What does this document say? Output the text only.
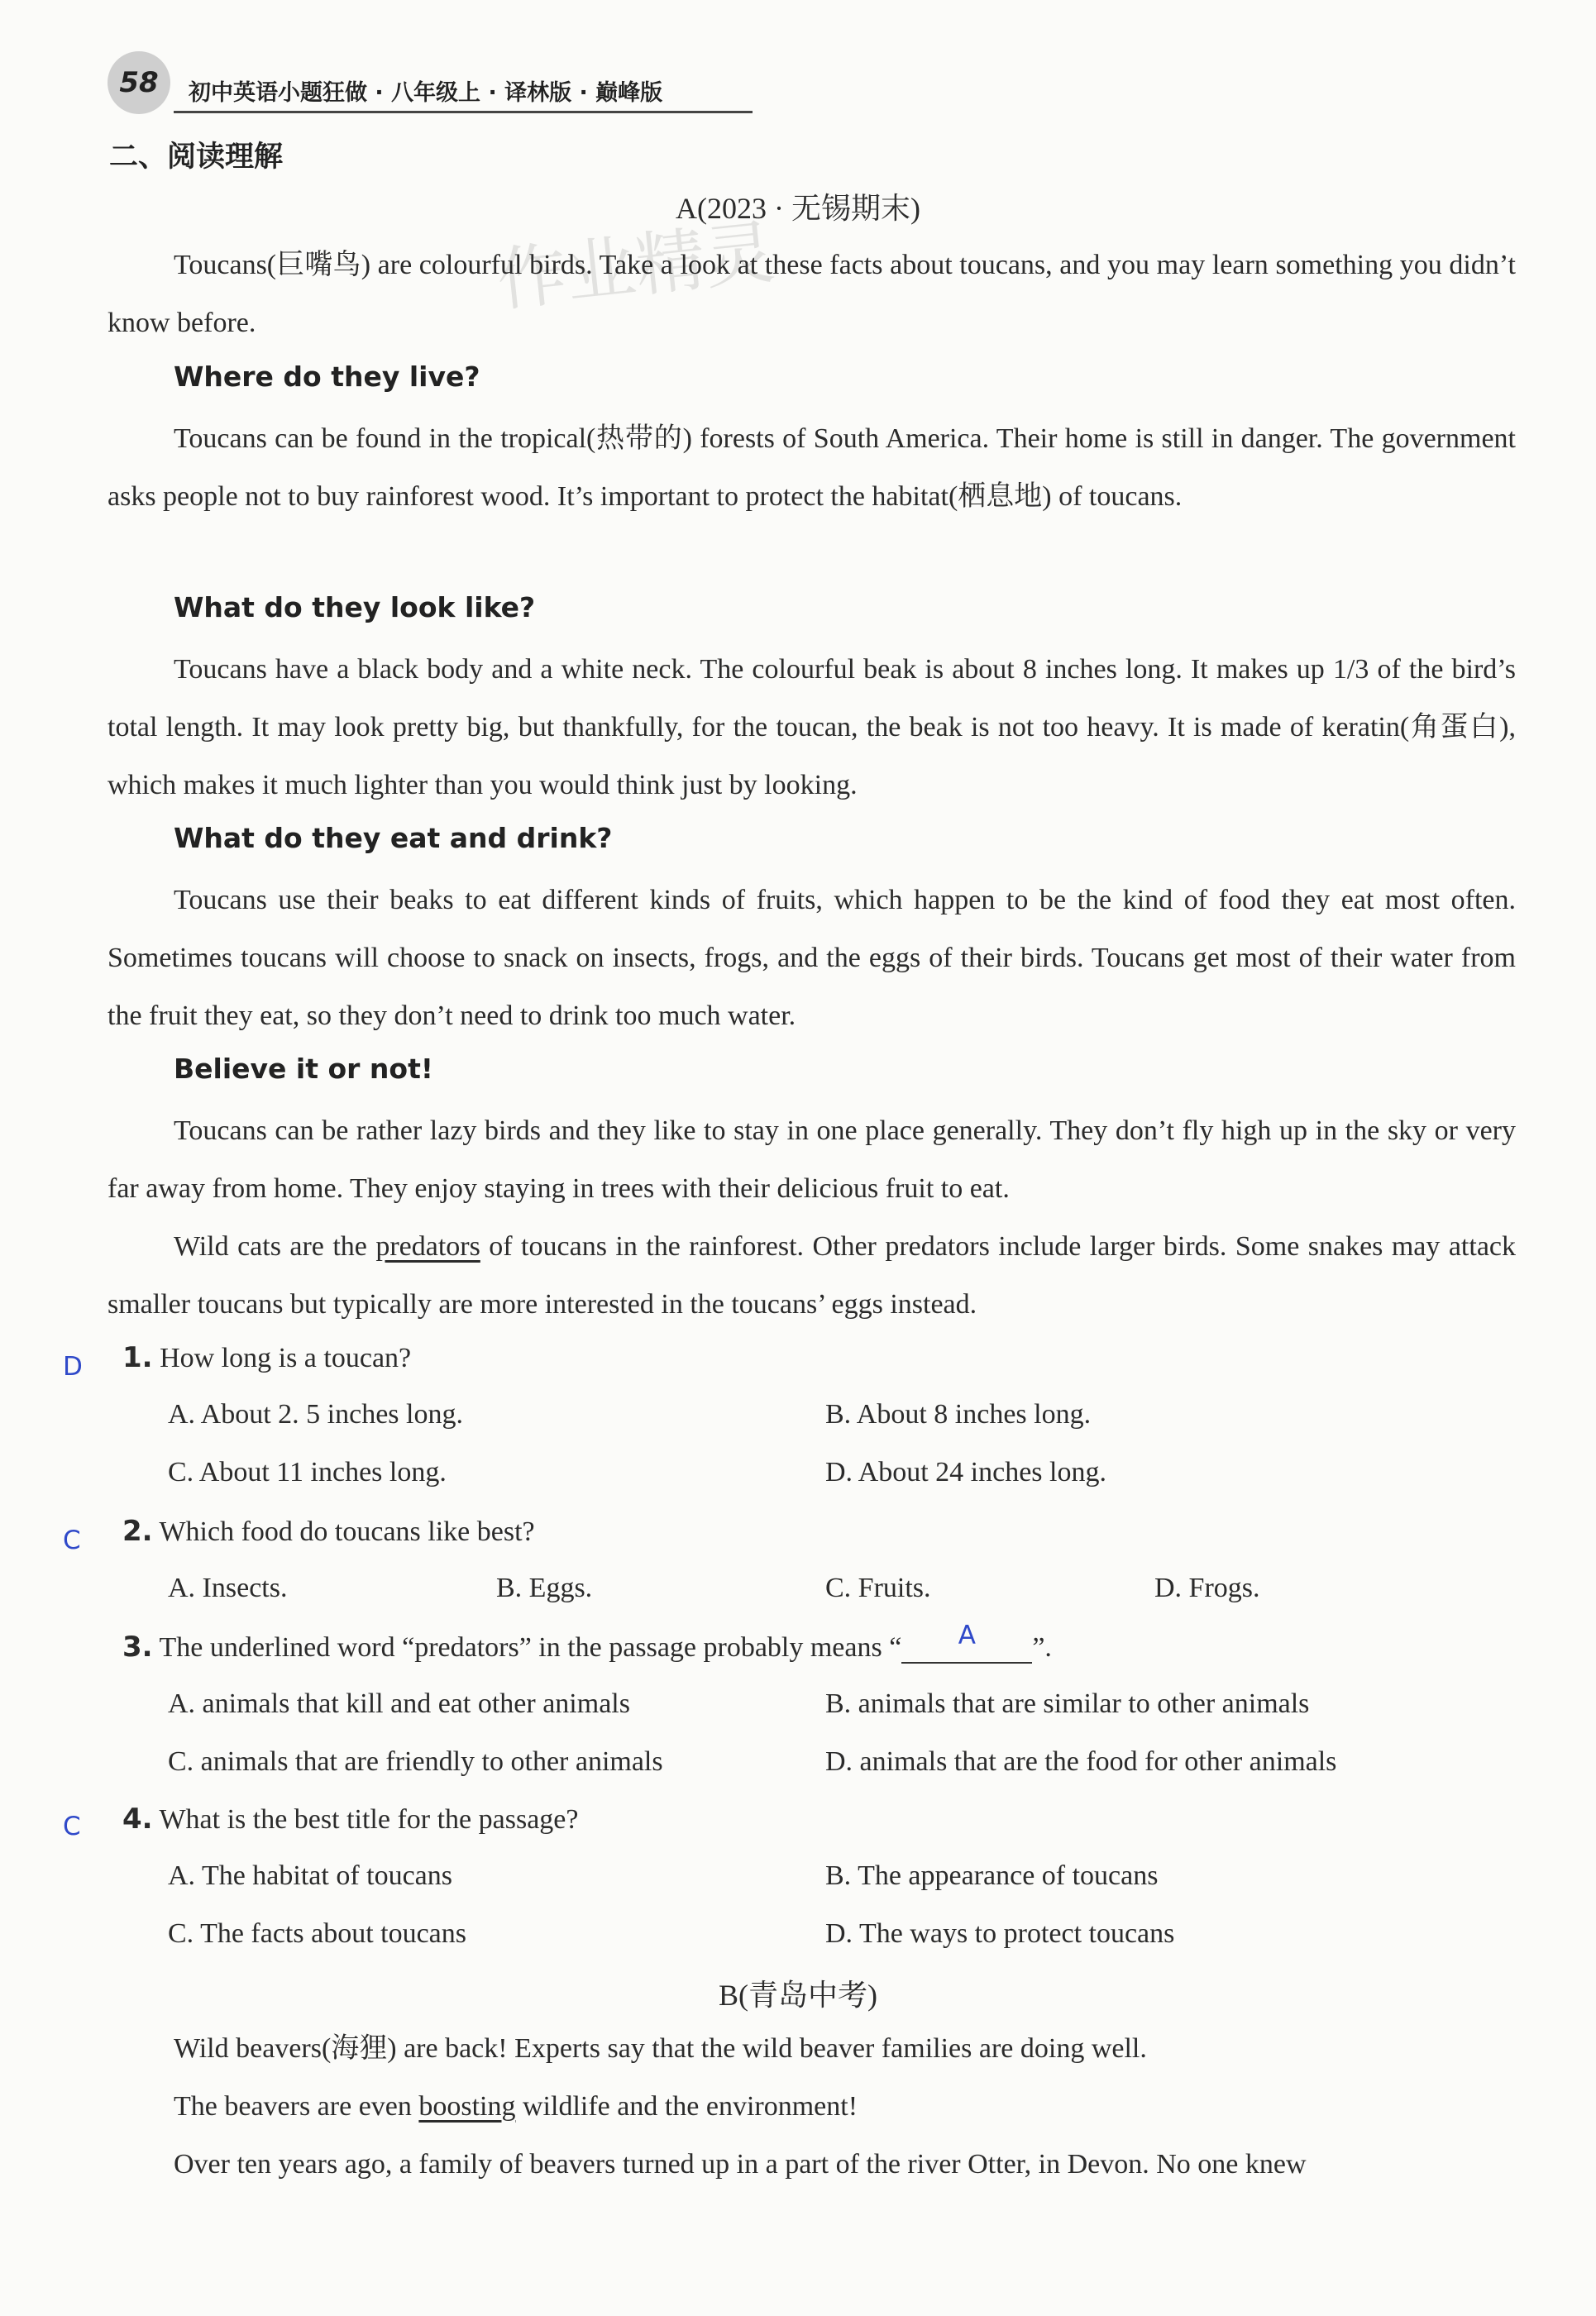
58	初中英语小题狂做 · 八年级上 · 译林版 · 巅峰版
作业精灵
二、阅读理解
A(2023 · 无锡期末)

Toucans(巨嘴鸟) are colourful birds. Take a look at these facts about toucans, and you may learn something you didn’t know before.

Where do they live?

Toucans can be found in the tropical(热带的) forests of South America. Their home is still in danger. The government asks people not to buy rainforest wood. It’s important to protect the habitat(栖息地) of toucans.

What do they look like?

Toucans have a black body and a white neck. The colourful beak is about 8 inches long. It makes up 1/3 of the bird’s total length. It may look pretty big, but thankfully, for the toucan, the beak is not too heavy. It is made of keratin(角蛋白), which makes it much lighter than you would think just by looking.

What do they eat and drink?

Toucans use their beaks to eat different kinds of fruits, which happen to be the kind of food they eat most often. Sometimes toucans will choose to snack on insects, frogs, and the eggs of their birds. Toucans get most of their water from the fruit they eat, so they don’t need to drink too much water.

Believe it or not!

Toucans can be rather lazy birds and they like to stay in one place generally. They don’t fly high up in the sky or very far away from home. They enjoy staying in trees with their delicious fruit to eat.

Wild cats are the predators of toucans in the rainforest. Other predators include larger birds. Some snakes may attack smaller toucans but typically are more interested in the toucans’ eggs instead.

D 1. How long is a toucan?
A. About 2. 5 inches long.	B. About 8 inches long.
C. About 11 inches long.	D. About 24 inches long.
C 2. Which food do toucans like best?
A. Insects.	B. Eggs.	C. Fruits.	D. Frogs.
3. The underlined word “predators” in the passage probably means “	A	”.
A. animals that kill and eat other animals	B. animals that are similar to other animals
C. animals that are friendly to other animals	D. animals that are the food for other animals
C 4. What is the best title for the passage?
A. The habitat of toucans	B. The appearance of toucans
C. The facts about toucans	D. The ways to protect toucans
B(青岛中考)

Wild beavers(海狸) are back! Experts say that the wild beaver families are doing well.

The beavers are even boosting wildlife and the environment!

Over ten years ago, a family of beavers turned up in a part of the river Otter, in Devon. No one knew
